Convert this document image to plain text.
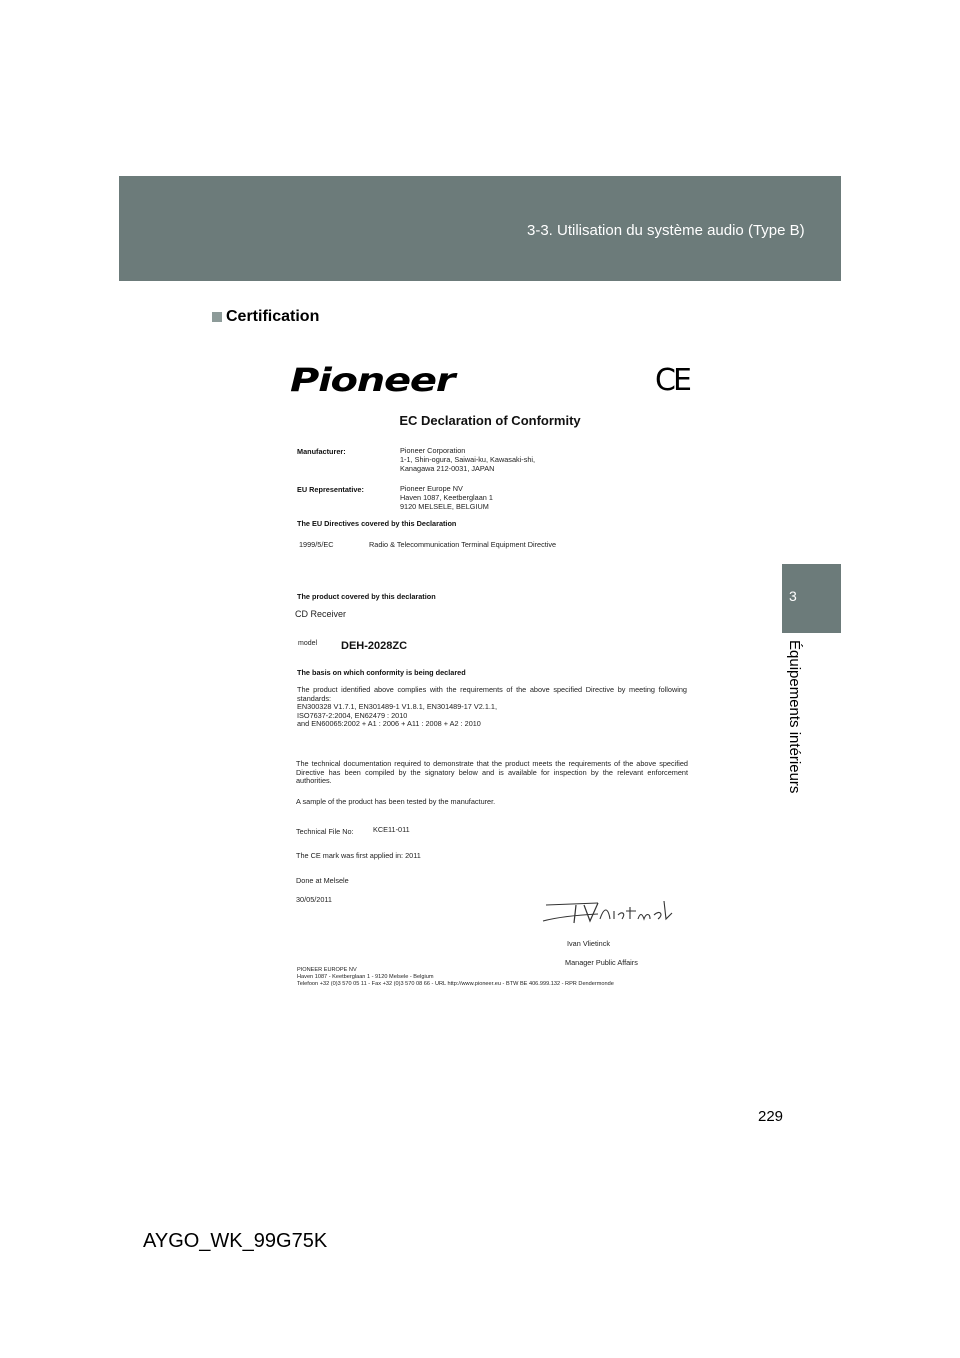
3-3. Utilisation du système audio (Type B)
3
Équipements intérieurs
Certification
Pioneer	CE
EC Declaration of Conformity
Manufacturer:	Pioneer Corporation
1-1, Shin-ogura, Saiwai-ku, Kawasaki-shi,
Kanagawa 212-0031, JAPAN
EU Representative:	Pioneer Europe NV
Haven 1087, Keetberglaan 1
9120 MELSELE, BELGIUM
The EU Directives covered by this Declaration
1999/5/EC	Radio & Telecommunication Terminal Equipment Directive
The product covered by this declaration
CD Receiver
model DEH-2028ZC
The basis on which conformity is being declared
The product identified above complies with the requirements of the above specified Directive by meeting following standards:
EN300328 V1.7.1, EN301489-1 V1.8.1, EN301489-17 V2.1.1,
ISO7637-2:2004, EN62479 : 2010
and EN60065:2002 + A1 : 2006 + A11 : 2008 + A2 : 2010
The technical documentation required to demonstrate that the product meets the requirements of the above specified Directive has been compiled by the signatory below and is available for inspection by the relevant enforcement authorities.
A sample of the product has been tested by the manufacturer.
Technical File No:	KCE11-011
The CE mark was first applied in: 2011
Done at Melsele
30/05/2011
Ivan Vlietinck
Manager Public Affairs
PIONEER EUROPE NV
Haven 1087 - Keetberglaan 1 - 9120 Melsele - Belgium
Telefoon +32 (0)3 570 05 11 - Fax +32 (0)3 570 08 66 - URL http://www.pioneer.eu - BTW BE 406.999.132 - RPR Dendermonde
229
AYGO_WK_99G75K
